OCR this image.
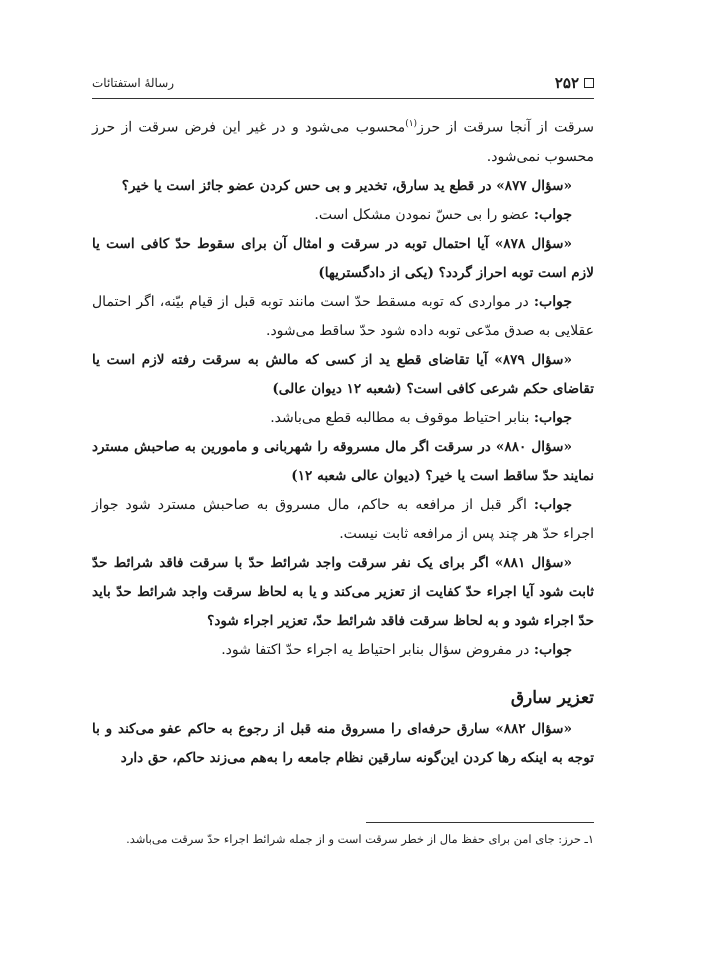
۲۵۲
رسالهٔ استفتائات

سرقت از آنجا سرقت از حرز$^{(۱)}$محسوب می‌شود و در غیر این فرض سرقت از حرز محسوب نمی‌شود.

«سؤال ۸۷۷» در قطع ید سارق، تخدیر و بی حس کردن عضو جائز است یا خیر؟

جواب: عضو را بی حسّ نمودن مشکل است.

«سؤال ۸۷۸» آیا احتمال توبه در سرقت و امثال آن برای سقوط حدّ کافی است یا لازم است توبه احراز گردد؟ (یکی از دادگستریها)

جواب: در مواردی که توبه مسقط حدّ است مانند توبه قبل از قیام بیّنه، اگر احتمال عقلایی به صدق مدّعی توبه داده شود حدّ ساقط می‌شود.

«سؤال ۸۷۹» آیا تقاضای قطع ید از کسی که مالش به سرقت رفته لازم است یا تقاضای حکم شرعی کافی است؟ (شعبه ۱۲ دیوان عالی)

جواب: بنابر احتیاط موقوف به مطالبه قطع می‌باشد.

«سؤال ۸۸۰» در سرقت اگر مال مسروقه را شهربانی و مامورین به صاحبش مسترد نمایند حدّ ساقط است یا خیر؟ (دیوان عالی شعبه ۱۲)

جواب: اگر قبل از مرافعه به حاکم، مال مسروق به صاحبش مسترد شود جواز اجراء حدّ هر چند پس از مرافعه ثابت نیست.

«سؤال ۸۸۱» اگر برای یک نفر سرقت واجد شرائط حدّ با سرقت فاقد شرائط حدّ ثابت شود آیا اجراء حدّ کفایت از تعزیر می‌کند و یا به لحاظ سرقت واجد شرائط حدّ باید حدّ اجراء شود و به لحاظ سرقت فاقد شرائط حدّ، تعزیر اجراء شود؟

جواب: در مفروض سؤال بنابر احتیاط یه اجراء حدّ اکتفا شود.

تعزیر سارق

«سؤال ۸۸۲» سارق حرفه‌ای را مسروق منه قبل از رجوع به حاکم عفو می‌کند و با توجه به اینکه رها کردن این‌گونه سارقین نظام جامعه را به‌هم می‌زند حاکم، حق دارد

۱ـ حرز: جای امن برای حفظ مال از خطر سرقت است و از جمله شرائط اجراء حدّ سرقت می‌باشد.
